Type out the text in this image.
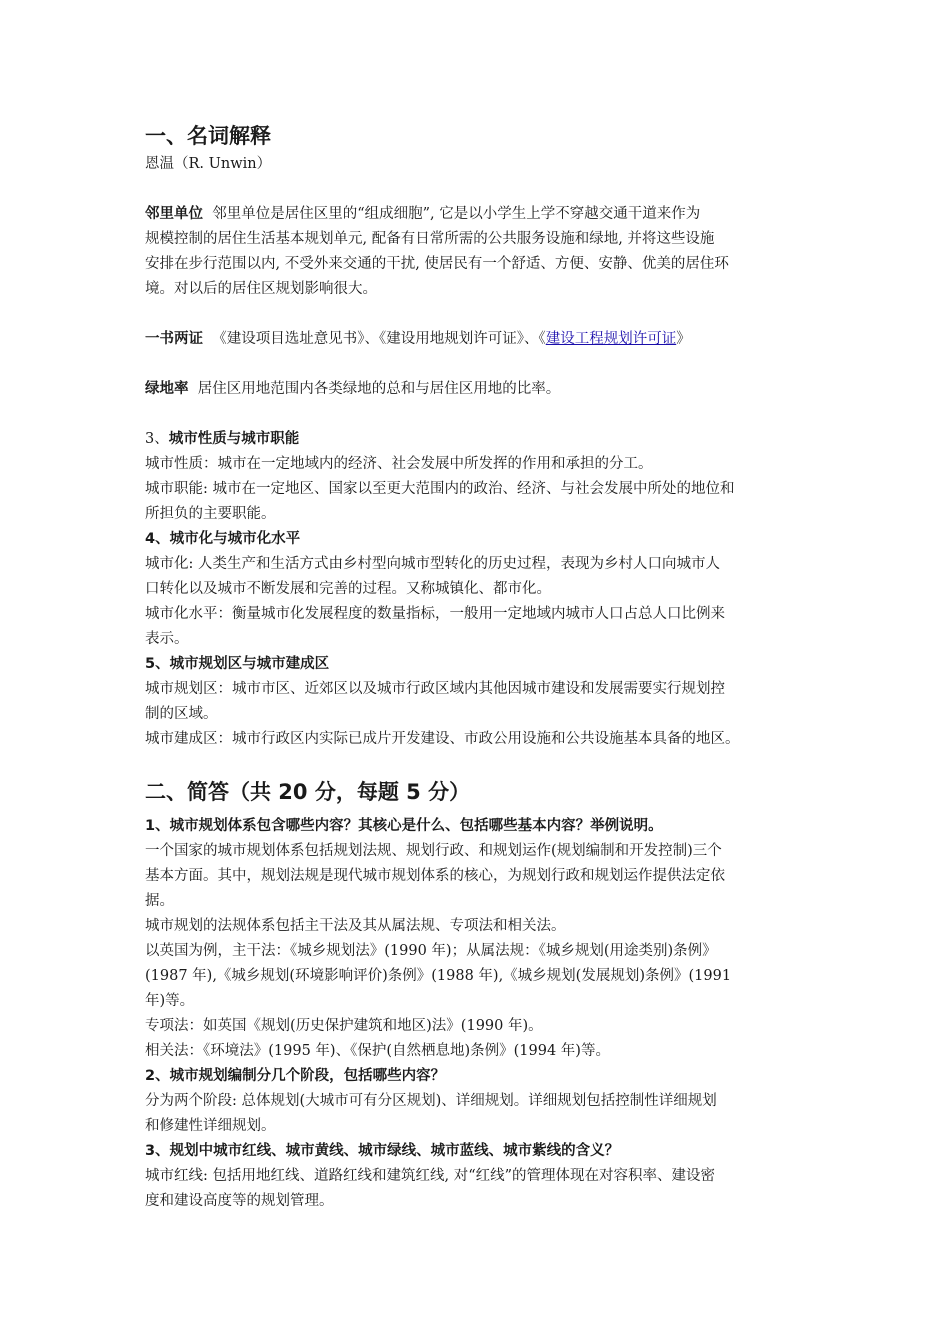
一、名词解释

恩温（R. Unwin）

邻里单位 邻里单位是居住区里的“组成细胞”, 它是以小学生上学不穿越交通干道来作为

规模控制的居住生活基本规划单元, 配备有日常所需的公共服务设施和绿地, 并将这些设施

安排在步行范围以内, 不受外来交通的干扰, 使居民有一个舒适、方便、安静、优美的居住环

境。对以后的居住区规划影响很大。

一书两证 《建设项目选址意见书》、《建设用地规划许可证》、《建设工程规划许可证》

绿地率 居住区用地范围内各类绿地的总和与居住区用地的比率。

3、城市性质与城市职能

城市性质：城市在一定地域内的经济、社会发展中所发挥的作用和承担的分工。

城市职能: 城市在一定地区、国家以至更大范围内的政治、经济、与社会发展中所处的地位和

所担负的主要职能。

4、城市化与城市化水平

城市化: 人类生产和生活方式由乡村型向城市型转化的历史过程，表现为乡村人口向城市人

口转化以及城市不断发展和完善的过程。又称城镇化、都市化。

城市化水平：衡量城市化发展程度的数量指标，一般用一定地域内城市人口占总人口比例来

表示。

5、城市规划区与城市建成区

城市规划区：城市市区、近郊区以及城市行政区域内其他因城市建设和发展需要实行规划控

制的区域。

城市建成区：城市行政区内实际已成片开发建设、市政公用设施和公共设施基本具备的地区。

二、简答（共 20 分，每题 5 分）

1、城市规划体系包含哪些内容？其核心是什么、包括哪些基本内容？举例说明。

一个国家的城市规划体系包括规划法规、规划行政、和规划运作(规划编制和开发控制)三个

基本方面。其中，规划法规是现代城市规划体系的核心，为规划行政和规划运作提供法定依

据。

城市规划的法规体系包括主干法及其从属法规、专项法和相关法。

以英国为例，主干法：《城乡规划法》(1990 年)；从属法规：《城乡规划(用途类别)条例》

(1987 年),《城乡规划(环境影响评价)条例》(1988 年),《城乡规划(发展规划)条例》(1991

年)等。

专项法：如英国《规划(历史保护建筑和地区)法》(1990 年)。

相关法：《环境法》(1995 年)、《保护(自然栖息地)条例》(1994 年)等。

2、城市规划编制分几个阶段，包括哪些内容？

分为两个阶段: 总体规划(大城市可有分区规划)、详细规划。详细规划包括控制性详细规划

和修建性详细规划。

3、规划中城市红线、城市黄线、城市绿线、城市蓝线、城市紫线的含义？

城市红线: 包括用地红线、道路红线和建筑红线, 对“红线”的管理体现在对容积率、建设密

度和建设高度等的规划管理。
